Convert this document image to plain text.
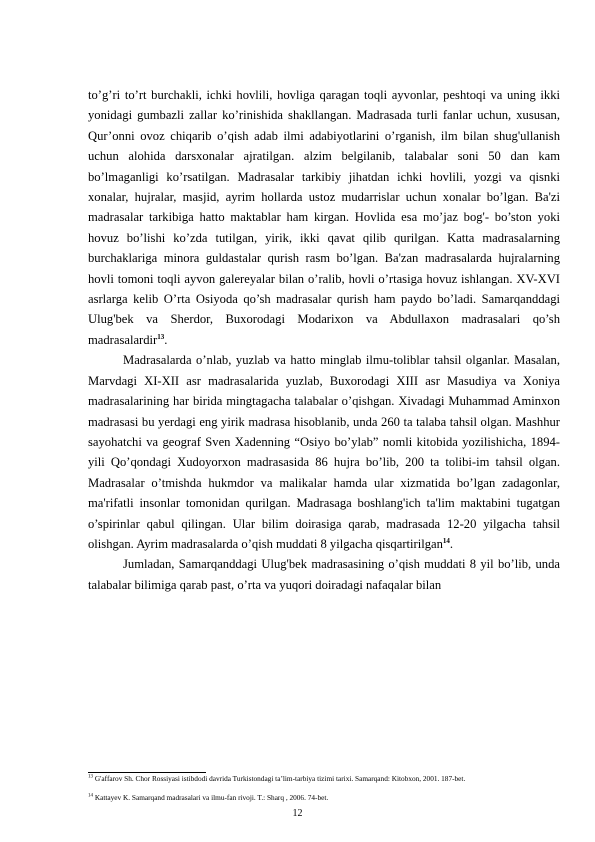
to’g’ri to’rt burchakli, ichki hovlili, hovliga qaragan toqli ayvonlar, peshtoqi va uning ikki yonidagi gumbazli zallar ko’rinishida shakllangan. Madrasada turli fanlar uchun, xususan, Qur’onni ovoz chiqarib o’qish adab ilmi adabiyotlarini o’rganish, ilm bilan shug'ullanish uchun alohida darsxonalar ajratilgan. alzim belgilanib, talabalar soni 50 dan kam bo’lmaganligi ko’rsatilgan. Madrasalar tarkibiy jihatdan ichki hovlili, yozgi va qisnki xonalar, hujralar, masjid, ayrim hollarda ustoz mudarrislar uchun xonalar bo’lgan. Ba'zi madrasalar tarkibiga hatto maktablar ham kirgan. Hovlida esa mo’jaz bog'- bo’ston yoki hovuz bo’lishi ko’zda tutilgan, yirik, ikki qavat qilib qurilgan. Katta madrasalarning burchaklariga minora guldastalar qurish rasm bo’lgan. Ba'zan madrasalarda hujralarning hovli tomoni toqli ayvon galereyalar bilan o’ralib, hovli o’rtasiga hovuz ishlangan. XV-XVI asrlarga kelib O’rta Osiyoda qo’sh madrasalar qurish ham paydo bo’ladi. Samarqanddagi Ulug'bek va Sherdor, Buxorodagi Modarixon va Abdullaxon madrasalari qo’sh madrasalardir$^{13}$.

Madrasalarda o’nlab, yuzlab va hatto minglab ilmu-toliblar tahsil olganlar. Masalan, Marvdagi XI-XII asr madrasalarida yuzlab, Buxorodagi XIII asr Masudiya va Xoniya madrasalarining har birida mingtagacha talabalar o’qishgan. Xivadagi Muhammad Aminxon madrasasi bu yerdagi eng yirik madrasa hisoblanib, unda 260 ta talaba tahsil olgan. Mashhur sayohatchi va geograf Sven Xadenning “Osiyo bo’ylab” nomli kitobida yozilishicha, 1894-yili Qo’qondagi Xudoyorxon madrasasida 86 hujra bo’lib, 200 ta tolibi-im tahsil olgan. Madrasalar o’tmishda hukmdor va malikalar hamda ular xizmatida bo’lgan zadagonlar, ma'rifatli insonlar tomonidan qurilgan. Madrasaga boshlang'ich ta'lim maktabini tugatgan o’spirinlar qabul qilingan. Ular bilim doirasiga qarab, madrasada 12-20 yilgacha tahsil olishgan. Ayrim madrasalarda o’qish muddati 8 yilgacha qisqartirilgan$^{14}$.

Jumladan, Samarqanddagi Ulug'bek madrasasining o’qish muddati 8 yil bo’lib, unda talabalar bilimiga qarab past, o’rta va yuqori doiradagi nafaqalar bilan

$^{13}$ G'affarov Sh. Chor Rossiyasi istibdodi davrida Turkistondagi ta’lim-tarbiya tizimi tarixi. Samarqand: Kitobxon, 2001. 187-bet.

$^{14}$ Kattayev K. Samarqand madrasalari va ilmu-fan rivoji. T.: Sharq , 2006. 74-bet.

12
